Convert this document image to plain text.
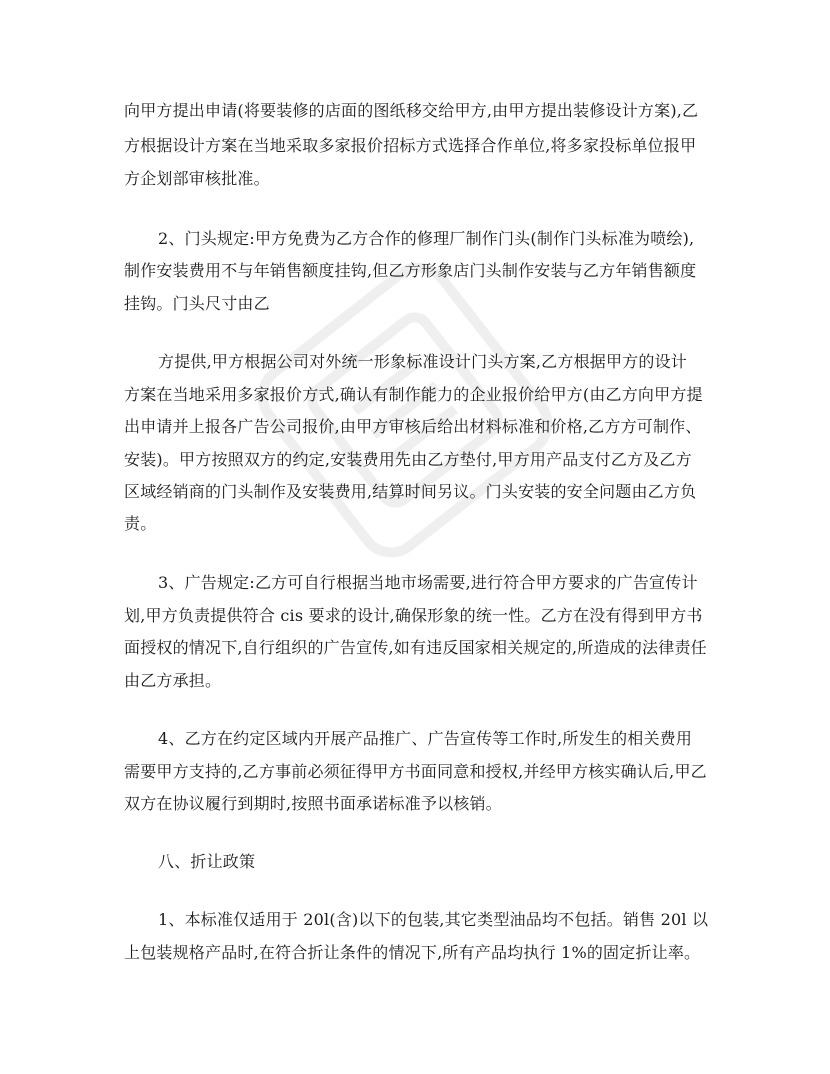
向甲方提出申请(将要装修的店面的图纸移交给甲方,由甲方提出装修设计方案),乙
方根据设计方案在当地采取多家报价招标方式选择合作单位,将多家投标单位报甲
方企划部审核批准。
2、门头规定:甲方免费为乙方合作的修理厂制作门头(制作门头标准为喷绘),
制作安装费用不与年销售额度挂钩,但乙方形象店门头制作安装与乙方年销售额度
挂钩。门头尺寸由乙
方提供,甲方根据公司对外统一形象标准设计门头方案,乙方根据甲方的设计
方案在当地采用多家报价方式,确认有制作能力的企业报价给甲方(由乙方向甲方提
出申请并上报各广告公司报价,由甲方审核后给出材料标准和价格,乙方方可制作、
安装)。甲方按照双方的约定,安装费用先由乙方垫付,甲方用产品支付乙方及乙方
区域经销商的门头制作及安装费用,结算时间另议。门头安装的安全问题由乙方负
责。
3、广告规定:乙方可自行根据当地市场需要,进行符合甲方要求的广告宣传计
划,甲方负责提供符合 cis 要求的设计,确保形象的统一性。乙方在没有得到甲方书
面授权的情况下,自行组织的广告宣传,如有违反国家相关规定的,所造成的法律责任
由乙方承担。
4、乙方在约定区域内开展产品推广、广告宣传等工作时,所发生的相关费用
需要甲方支持的,乙方事前必须征得甲方书面同意和授权,并经甲方核实确认后,甲乙
双方在协议履行到期时,按照书面承诺标准予以核销。
八、折让政策
1、本标准仅适用于 20l(含)以下的包装,其它类型油品均不包括。销售 20l 以
上包装规格产品时,在符合折让条件的情况下,所有产品均执行 1%的固定折让率。
